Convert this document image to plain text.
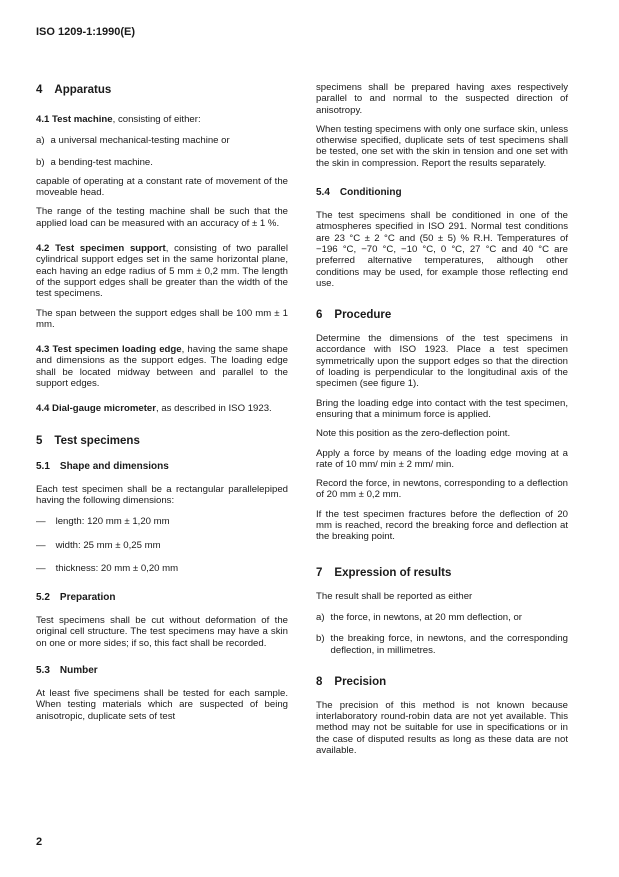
ISO 1209-1:1990(E)
4 Apparatus

4.1 Test machine, consisting of either:

a) a universal mechanical-testing machine or
b) a bending-test machine.

capable of operating at a constant rate of movement of the moveable head.

The range of the testing machine shall be such that the applied load can be measured with an accuracy of ± 1 %.

4.2 Test specimen support, consisting of two parallel cylindrical support edges set in the same horizontal plane, each having an edge radius of 5 mm ± 0,2 mm. The length of the support edges shall be greater than the width of the test specimens.

The span between the support edges shall be 100 mm ± 1 mm.

4.3 Test specimen loading edge, having the same shape and dimensions as the support edges. The loading edge shall be located midway between and parallel to the support edges.

4.4 Dial-gauge micrometer, as described in ISO 1923.

5 Test specimens
5.1 Shape and dimensions

Each test specimen shall be a rectangular parallelepiped having the following dimensions:

— length: 120 mm ± 1,20 mm
— width: 25 mm ± 0,25 mm
— thickness: 20 mm ± 0,20 mm
5.2 Preparation

Test specimens shall be cut without deformation of the original cell structure. The test specimens may have a skin on one or more sides; if so, this fact shall be recorded.

5.3 Number

At least five specimens shall be tested for each sample. When testing materials which are suspected of being anisotropic, duplicate sets of test

specimens shall be prepared having axes respectively parallel to and normal to the suspected direction of anisotropy.

When testing specimens with only one surface skin, unless otherwise specified, duplicate sets of test specimens shall be tested, one set with the skin in tension and one set with the skin in compression. Report the results separately.

5.4 Conditioning

The test specimens shall be conditioned in one of the atmospheres specified in ISO 291. Normal test conditions are 23 °C ± 2 °C and (50 ± 5) % R.H. Temperatures of −196 °C, −70 °C, −10 °C, 0 °C, 27 °C and 40 °C are preferred alternative temperatures, although other conditions may be used, for example those reflecting end use.

6 Procedure

Determine the dimensions of the test specimens in accordance with ISO 1923. Place a test specimen symmetrically upon the support edges so that the direction of loading is perpendicular to the longitudinal axis of the specimen (see figure 1).

Bring the loading edge into contact with the test specimen, ensuring that a minimum force is applied.

Note this position as the zero-deflection point.

Apply a force by means of the loading edge moving at a rate of 10 mm/ min ± 2 mm/ min.

Record the force, in newtons, corresponding to a deflection of 20 mm ± 0,2 mm.

If the test specimen fractures before the deflection of 20 mm is reached, record the breaking force and deflection at the breaking point.

7 Expression of results

The result shall be reported as either

a) the force, in newtons, at 20 mm deflection, or
b) the breaking force, in newtons, and the corresponding deflection, in millimetres.
8 Precision

The precision of this method is not known because interlaboratory round-robin data are not yet available. This method may not be suitable for use in specifications or in the case of disputed results as long as these data are not available.

2
